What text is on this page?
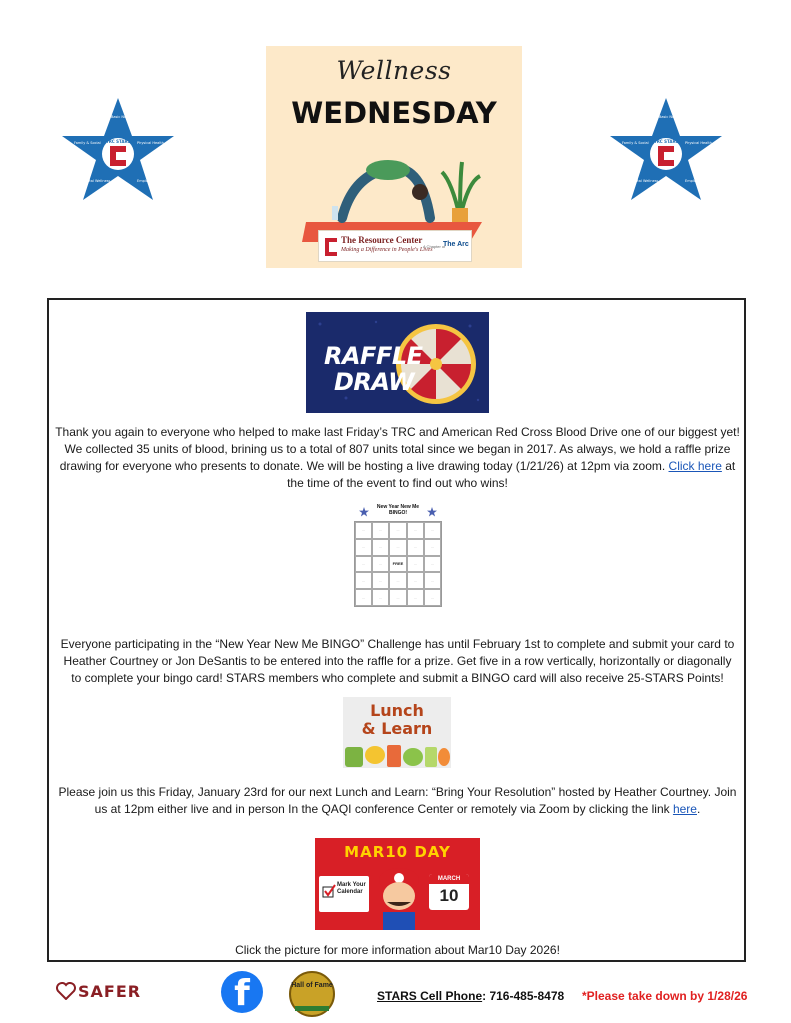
Basic Needs
Physical Health
Employment
Mental Wellness
Family & Social TRC STARS
Basic Needs
Physical Health
Employment
Mental Wellness
Family & Social TRC STARS
Wellness
WEDNESDAY
The Resource Center
Making a Difference in People's Lives
A Chapter of
The Arc
RAFFLE
DRAW

Thank you again to everyone who helped to make last Friday’s TRC and American Red Cross Blood Drive one of our biggest yet! We collected 35 units of blood, brining us to a total of 807 units total since we began in 2017. As always, we hold a raffle prize drawing for everyone who presents to donate. We will be hosting a live drawing today (1/21/26) at 12pm via zoom. Click here at the time of the event to find out who wins!

New Year New Me BINGO!
···	···	···	···	···
···	···	···	···	···
···	···	FREE	···	···
···	···	···	···	···
···	···	···	···	···

Everyone participating in the “New Year New Me BINGO” Challenge has until February 1st to complete and submit your card to Heather Courtney or Jon DeSantis to be entered into the raffle for a prize. Get five in a row vertically, horizontally or diagonally to complete your bingo card! STARS members who complete and submit a BINGO card will also receive 25-STARS Points!

Lunch
& Learn

Please join us this Friday, January 23rd for our next Lunch and Learn: “Bring Your Resolution” hosted by Heather Courtney. Join us at 12pm either live and in person In the QAQI conference Center or remotely via Zoom by clicking the link here.

MAR10 DAY
Mark Your Calendar
MARCH
10

Click the picture for more information about Mar10 Day 2026!

SAFER	f	Hall of Fame
STARS Cell Phone: 716-485-8478 *Please take down by 1/28/26
